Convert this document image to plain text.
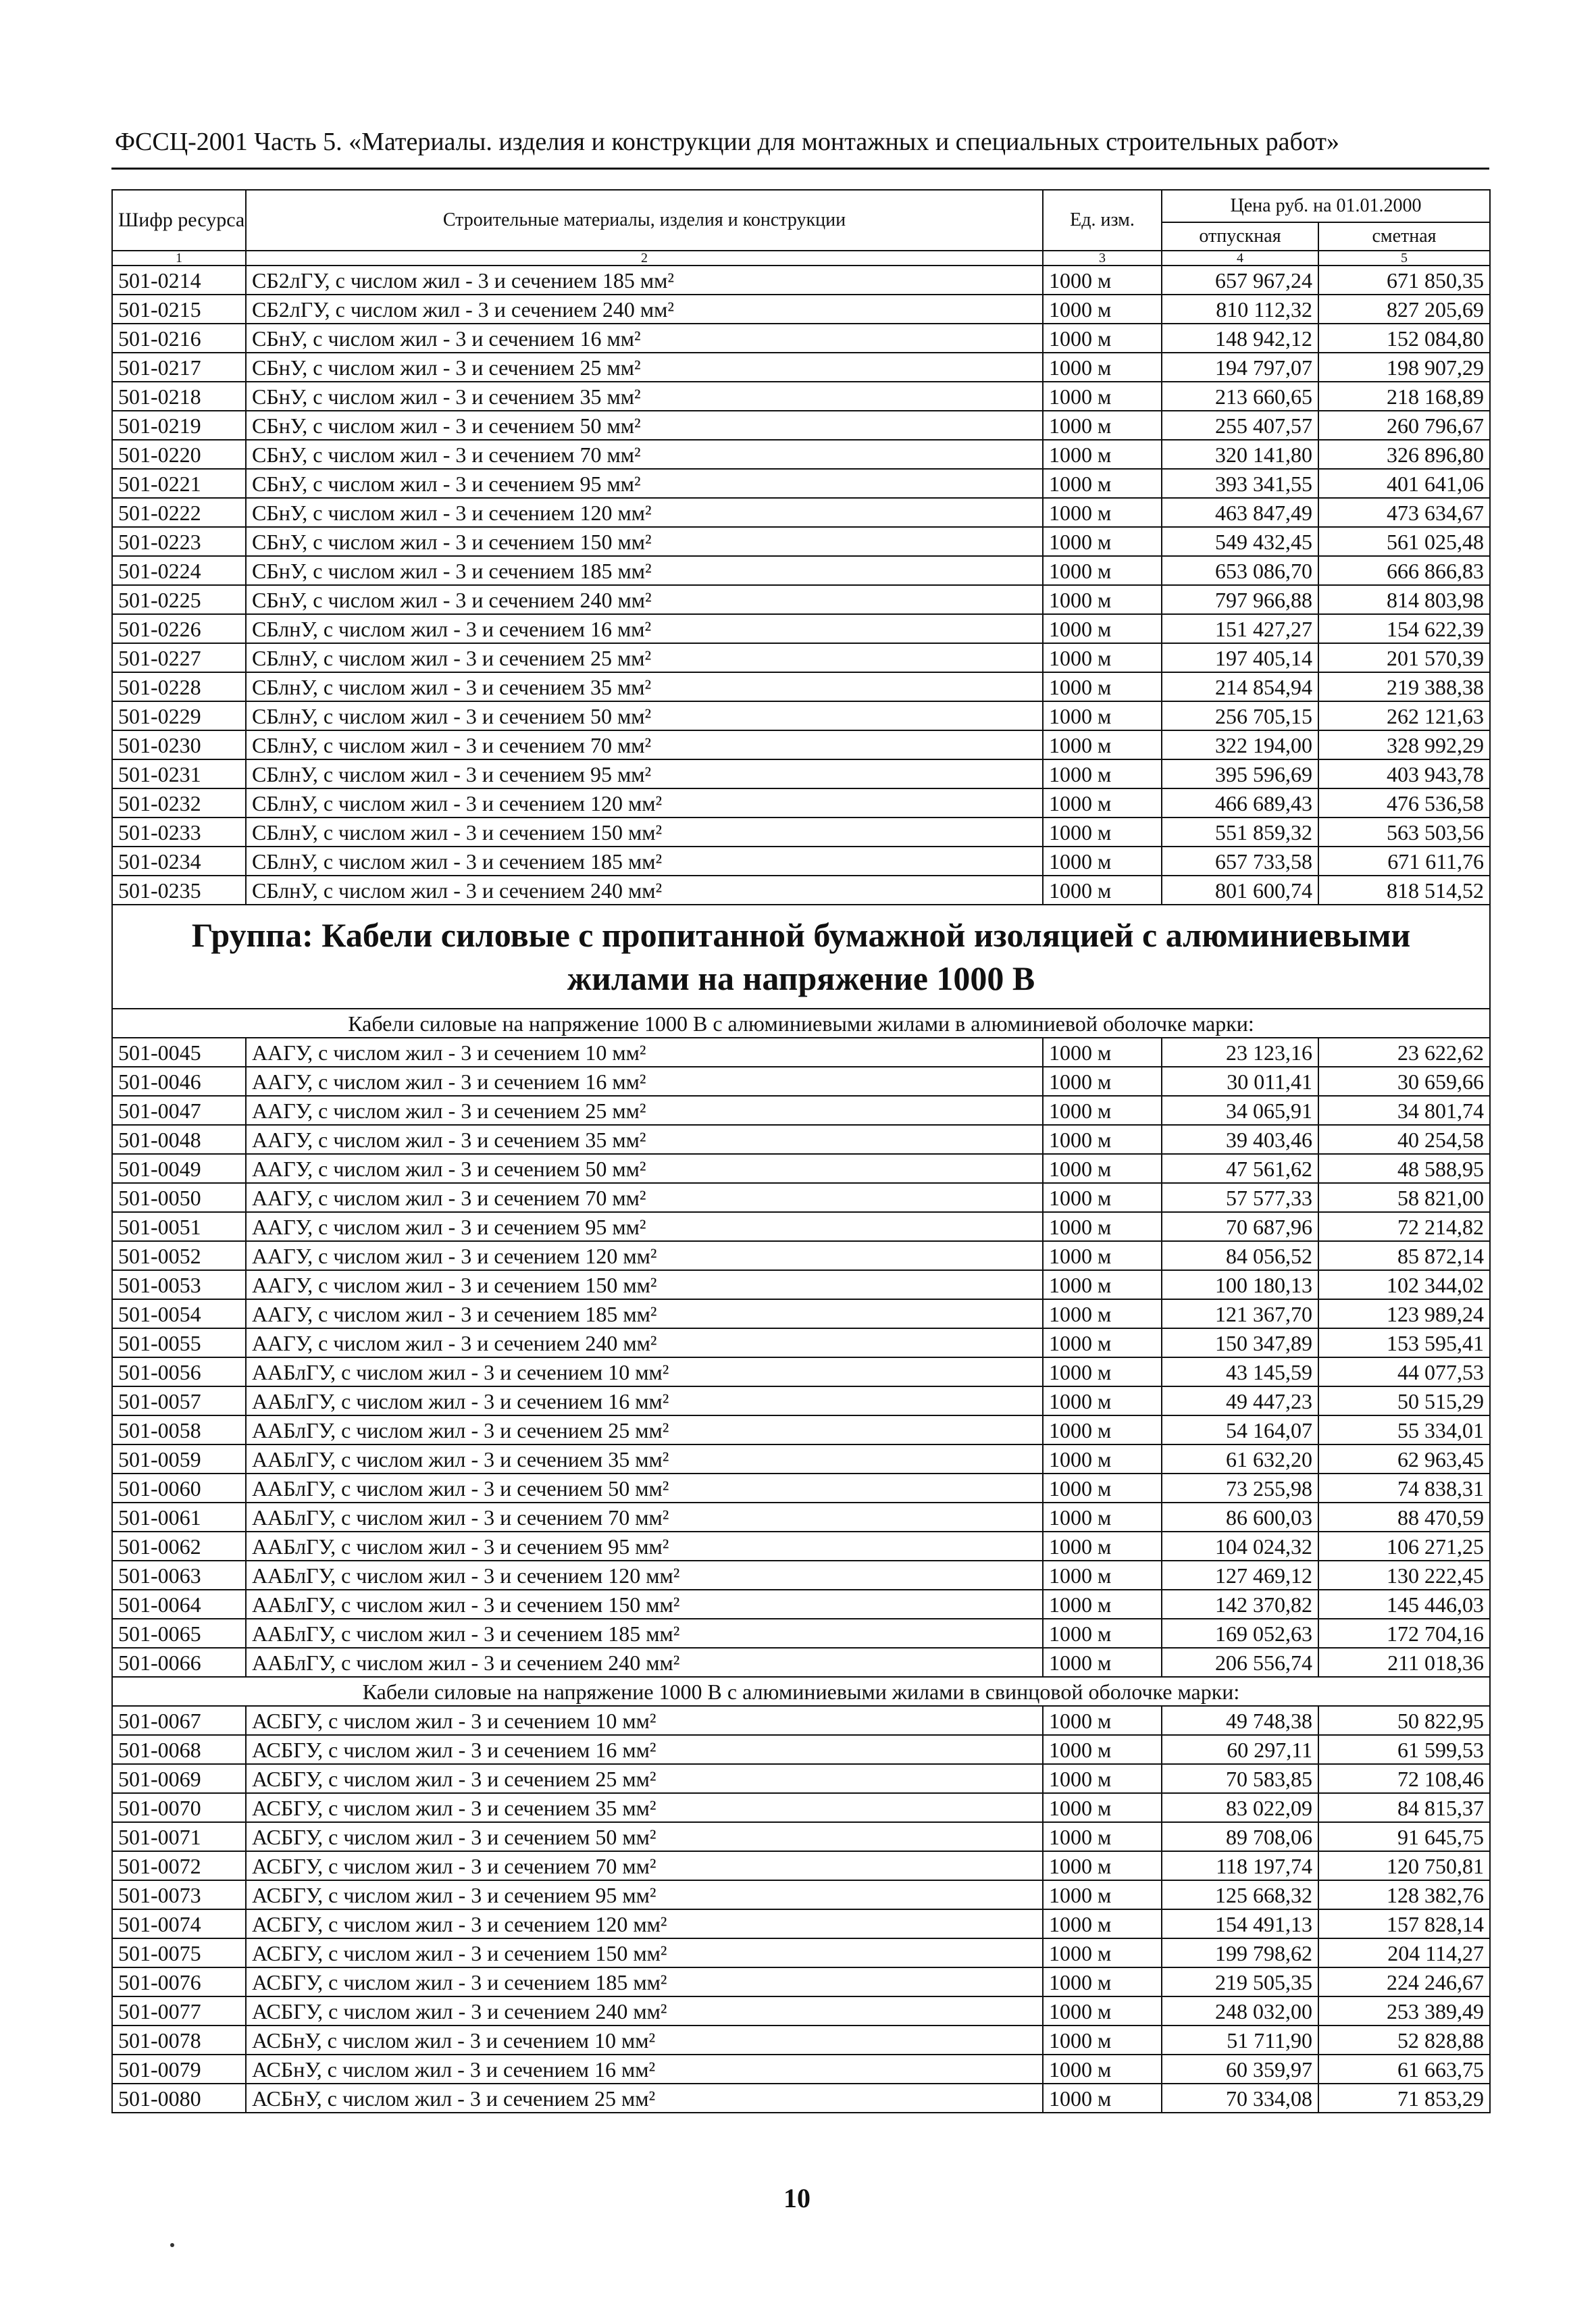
ФССЦ-2001 Часть 5. «Материалы. изделия и конструкции для монтажных и специальных строительных работ»
Шифр ресурса	Строительные материалы, изделия и конструкции	Ед. изм.	Цена руб. на 01.01.2000	
			отпускная	сметная
1	2	3	4	5
501-0214	СБ2лГУ, с числом жил - 3 и сечением 185 мм²	1000 м	657 967,24	671 850,35
501-0215	СБ2лГУ, с числом жил - 3 и сечением 240 мм²	1000 м	810 112,32	827 205,69
501-0216	СБнУ, с числом жил - 3 и сечением 16 мм²	1000 м	148 942,12	152 084,80
501-0217	СБнУ, с числом жил - 3 и сечением 25 мм²	1000 м	194 797,07	198 907,29
501-0218	СБнУ, с числом жил - 3 и сечением 35 мм²	1000 м	213 660,65	218 168,89
501-0219	СБнУ, с числом жил - 3 и сечением 50 мм²	1000 м	255 407,57	260 796,67
501-0220	СБнУ, с числом жил - 3 и сечением 70 мм²	1000 м	320 141,80	326 896,80
501-0221	СБнУ, с числом жил - 3 и сечением 95 мм²	1000 м	393 341,55	401 641,06
501-0222	СБнУ, с числом жил - 3 и сечением 120 мм²	1000 м	463 847,49	473 634,67
501-0223	СБнУ, с числом жил - 3 и сечением 150 мм²	1000 м	549 432,45	561 025,48
501-0224	СБнУ, с числом жил - 3 и сечением 185 мм²	1000 м	653 086,70	666 866,83
501-0225	СБнУ, с числом жил - 3 и сечением 240 мм²	1000 м	797 966,88	814 803,98
501-0226	СБлнУ, с числом жил - 3 и сечением 16 мм²	1000 м	151 427,27	154 622,39
501-0227	СБлнУ, с числом жил - 3 и сечением 25 мм²	1000 м	197 405,14	201 570,39
501-0228	СБлнУ, с числом жил - 3 и сечением 35 мм²	1000 м	214 854,94	219 388,38
501-0229	СБлнУ, с числом жил - 3 и сечением 50 мм²	1000 м	256 705,15	262 121,63
501-0230	СБлнУ, с числом жил - 3 и сечением 70 мм²	1000 м	322 194,00	328 992,29
501-0231	СБлнУ, с числом жил - 3 и сечением 95 мм²	1000 м	395 596,69	403 943,78
501-0232	СБлнУ, с числом жил - 3 и сечением 120 мм²	1000 м	466 689,43	476 536,58
501-0233	СБлнУ, с числом жил - 3 и сечением 150 мм²	1000 м	551 859,32	563 503,56
501-0234	СБлнУ, с числом жил - 3 и сечением 185 мм²	1000 м	657 733,58	671 611,76
501-0235	СБлнУ, с числом жил - 3 и сечением 240 мм²	1000 м	801 600,74	818 514,52

Группа: Кабели силовые с пропитанной бумажной изоляцией с алюминиевыми жилами на напряжение 1000 В				

Кабели силовые на напряжение 1000 В с алюминиевыми жилами в алюминиевой оболочке марки:				
501-0045	ААГУ, с числом жил - 3 и сечением 10 мм²	1000 м	23 123,16	23 622,62
501-0046	ААГУ, с числом жил - 3 и сечением 16 мм²	1000 м	30 011,41	30 659,66
501-0047	ААГУ, с числом жил - 3 и сечением 25 мм²	1000 м	34 065,91	34 801,74
501-0048	ААГУ, с числом жил - 3 и сечением 35 мм²	1000 м	39 403,46	40 254,58
501-0049	ААГУ, с числом жил - 3 и сечением 50 мм²	1000 м	47 561,62	48 588,95
501-0050	ААГУ, с числом жил - 3 и сечением 70 мм²	1000 м	57 577,33	58 821,00
501-0051	ААГУ, с числом жил - 3 и сечением 95 мм²	1000 м	70 687,96	72 214,82
501-0052	ААГУ, с числом жил - 3 и сечением 120 мм²	1000 м	84 056,52	85 872,14
501-0053	ААГУ, с числом жил - 3 и сечением 150 мм²	1000 м	100 180,13	102 344,02
501-0054	ААГУ, с числом жил - 3 и сечением 185 мм²	1000 м	121 367,70	123 989,24
501-0055	ААГУ, с числом жил - 3 и сечением 240 мм²	1000 м	150 347,89	153 595,41
501-0056	ААБлГУ, с числом жил - 3 и сечением 10 мм²	1000 м	43 145,59	44 077,53
501-0057	ААБлГУ, с числом жил - 3 и сечением 16 мм²	1000 м	49 447,23	50 515,29
501-0058	ААБлГУ, с числом жил - 3 и сечением 25 мм²	1000 м	54 164,07	55 334,01
501-0059	ААБлГУ, с числом жил - 3 и сечением 35 мм²	1000 м	61 632,20	62 963,45
501-0060	ААБлГУ, с числом жил - 3 и сечением 50 мм²	1000 м	73 255,98	74 838,31
501-0061	ААБлГУ, с числом жил - 3 и сечением 70 мм²	1000 м	86 600,03	88 470,59
501-0062	ААБлГУ, с числом жил - 3 и сечением 95 мм²	1000 м	104 024,32	106 271,25
501-0063	ААБлГУ, с числом жил - 3 и сечением 120 мм²	1000 м	127 469,12	130 222,45
501-0064	ААБлГУ, с числом жил - 3 и сечением 150 мм²	1000 м	142 370,82	145 446,03
501-0065	ААБлГУ, с числом жил - 3 и сечением 185 мм²	1000 м	169 052,63	172 704,16
501-0066	ААБлГУ, с числом жил - 3 и сечением 240 мм²	1000 м	206 556,74	211 018,36
Кабели силовые на напряжение 1000 В с алюминиевыми жилами в свинцовой оболочке марки:				
501-0067	АСБГУ, с числом жил - 3 и сечением 10 мм²	1000 м	49 748,38	50 822,95
501-0068	АСБГУ, с числом жил - 3 и сечением 16 мм²	1000 м	60 297,11	61 599,53
501-0069	АСБГУ, с числом жил - 3 и сечением 25 мм²	1000 м	70 583,85	72 108,46
501-0070	АСБГУ, с числом жил - 3 и сечением 35 мм²	1000 м	83 022,09	84 815,37
501-0071	АСБГУ, с числом жил - 3 и сечением 50 мм²	1000 м	89 708,06	91 645,75
501-0072	АСБГУ, с числом жил - 3 и сечением 70 мм²	1000 м	118 197,74	120 750,81
501-0073	АСБГУ, с числом жил - 3 и сечением 95 мм²	1000 м	125 668,32	128 382,76
501-0074	АСБГУ, с числом жил - 3 и сечением 120 мм²	1000 м	154 491,13	157 828,14
501-0075	АСБГУ, с числом жил - 3 и сечением 150 мм²	1000 м	199 798,62	204 114,27
501-0076	АСБГУ, с числом жил - 3 и сечением 185 мм²	1000 м	219 505,35	224 246,67
501-0077	АСБГУ, с числом жил - 3 и сечением 240 мм²	1000 м	248 032,00	253 389,49
501-0078	АСБнУ, с числом жил - 3 и сечением 10 мм²	1000 м	51 711,90	52 828,88
501-0079	АСБнУ, с числом жил - 3 и сечением 16 мм²	1000 м	60 359,97	61 663,75
501-0080	АСБнУ, с числом жил - 3 и сечением 25 мм²	1000 м	70 334,08	71 853,29
10
